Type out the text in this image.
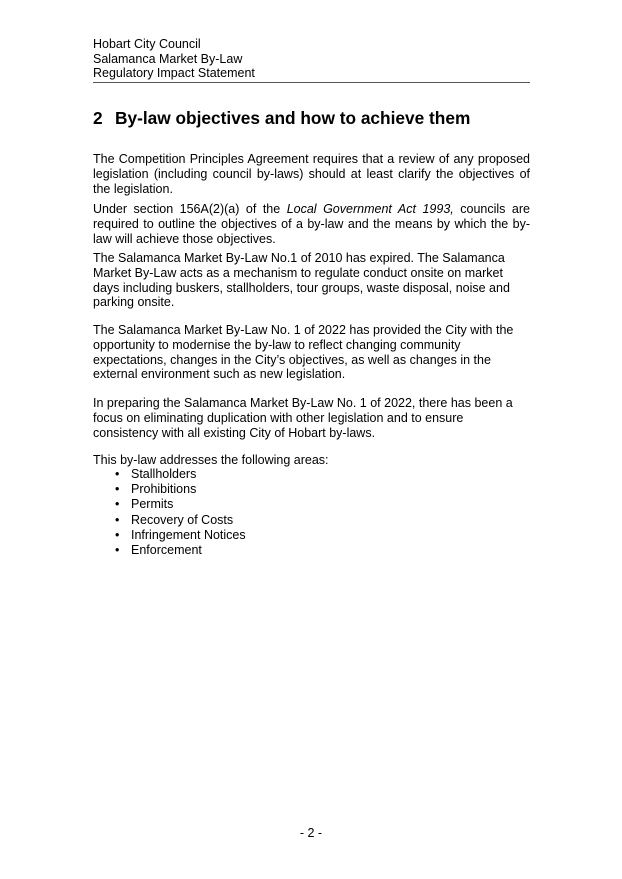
Hobart City Council
Salamanca Market By-Law
Regulatory Impact Statement
2 By-law objectives and how to achieve them

The Competition Principles Agreement requires that a review of any proposed legislation (including council by-laws) should at least clarify the objectives of the legislation.

Under section 156A(2)(a) of the Local Government Act 1993, councils are required to outline the objectives of a by-law and the means by which the by-law will achieve those objectives.

The Salamanca Market By-Law No.1 of 2010 has expired. The Salamanca Market By-Law acts as a mechanism to regulate conduct onsite on market days including buskers, stallholders, tour groups, waste disposal, noise and parking onsite.

The Salamanca Market By-Law No. 1 of 2022 has provided the City with the opportunity to modernise the by-law to reflect changing community expectations, changes in the City’s objectives, as well as changes in the external environment such as new legislation.

In preparing the Salamanca Market By-Law No. 1 of 2022, there has been a focus on eliminating duplication with other legislation and to ensure consistency with all existing City of Hobart by-laws.

This by-law addresses the following areas:

• Stallholders
• Prohibitions
• Permits
• Recovery of Costs
• Infringement Notices
• Enforcement
- 2 -
